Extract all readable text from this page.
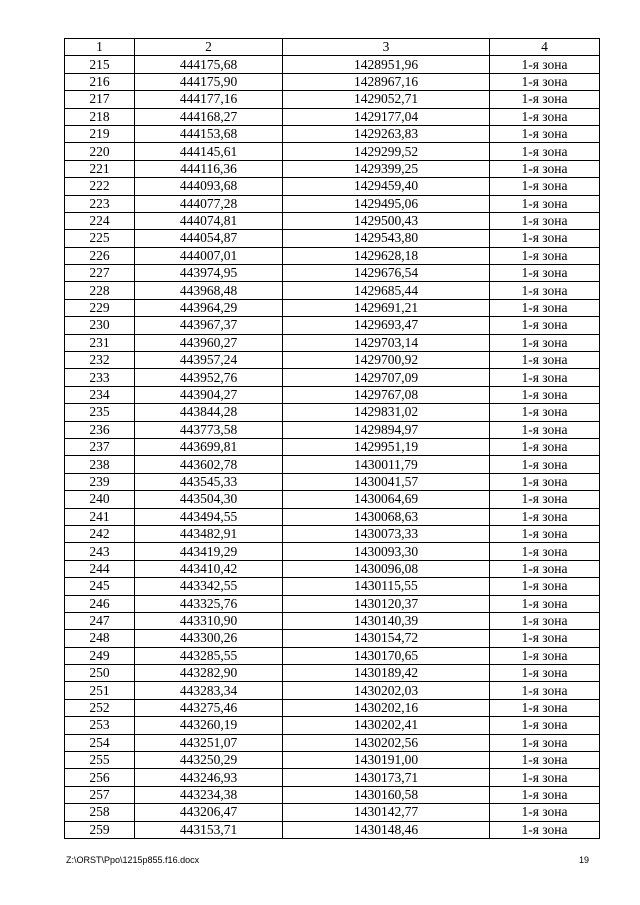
1	2	3	4
215	444175,68	1428951,96	1-я зона
216	444175,90	1428967,16	1-я зона
217	444177,16	1429052,71	1-я зона
218	444168,27	1429177,04	1-я зона
219	444153,68	1429263,83	1-я зона
220	444145,61	1429299,52	1-я зона
221	444116,36	1429399,25	1-я зона
222	444093,68	1429459,40	1-я зона
223	444077,28	1429495,06	1-я зона
224	444074,81	1429500,43	1-я зона
225	444054,87	1429543,80	1-я зона
226	444007,01	1429628,18	1-я зона
227	443974,95	1429676,54	1-я зона
228	443968,48	1429685,44	1-я зона
229	443964,29	1429691,21	1-я зона
230	443967,37	1429693,47	1-я зона
231	443960,27	1429703,14	1-я зона
232	443957,24	1429700,92	1-я зона
233	443952,76	1429707,09	1-я зона
234	443904,27	1429767,08	1-я зона
235	443844,28	1429831,02	1-я зона
236	443773,58	1429894,97	1-я зона
237	443699,81	1429951,19	1-я зона
238	443602,78	1430011,79	1-я зона
239	443545,33	1430041,57	1-я зона
240	443504,30	1430064,69	1-я зона
241	443494,55	1430068,63	1-я зона
242	443482,91	1430073,33	1-я зона
243	443419,29	1430093,30	1-я зона
244	443410,42	1430096,08	1-я зона
245	443342,55	1430115,55	1-я зона
246	443325,76	1430120,37	1-я зона
247	443310,90	1430140,39	1-я зона
248	443300,26	1430154,72	1-я зона
249	443285,55	1430170,65	1-я зона
250	443282,90	1430189,42	1-я зона
251	443283,34	1430202,03	1-я зона
252	443275,46	1430202,16	1-я зона
253	443260,19	1430202,41	1-я зона
254	443251,07	1430202,56	1-я зона
255	443250,29	1430191,00	1-я зона
256	443246,93	1430173,71	1-я зона
257	443234,38	1430160,58	1-я зона
258	443206,47	1430142,77	1-я зона
259	443153,71	1430148,46	1-я зона
Z:\ORST\Ppo\1215p855.f16.docx	19
